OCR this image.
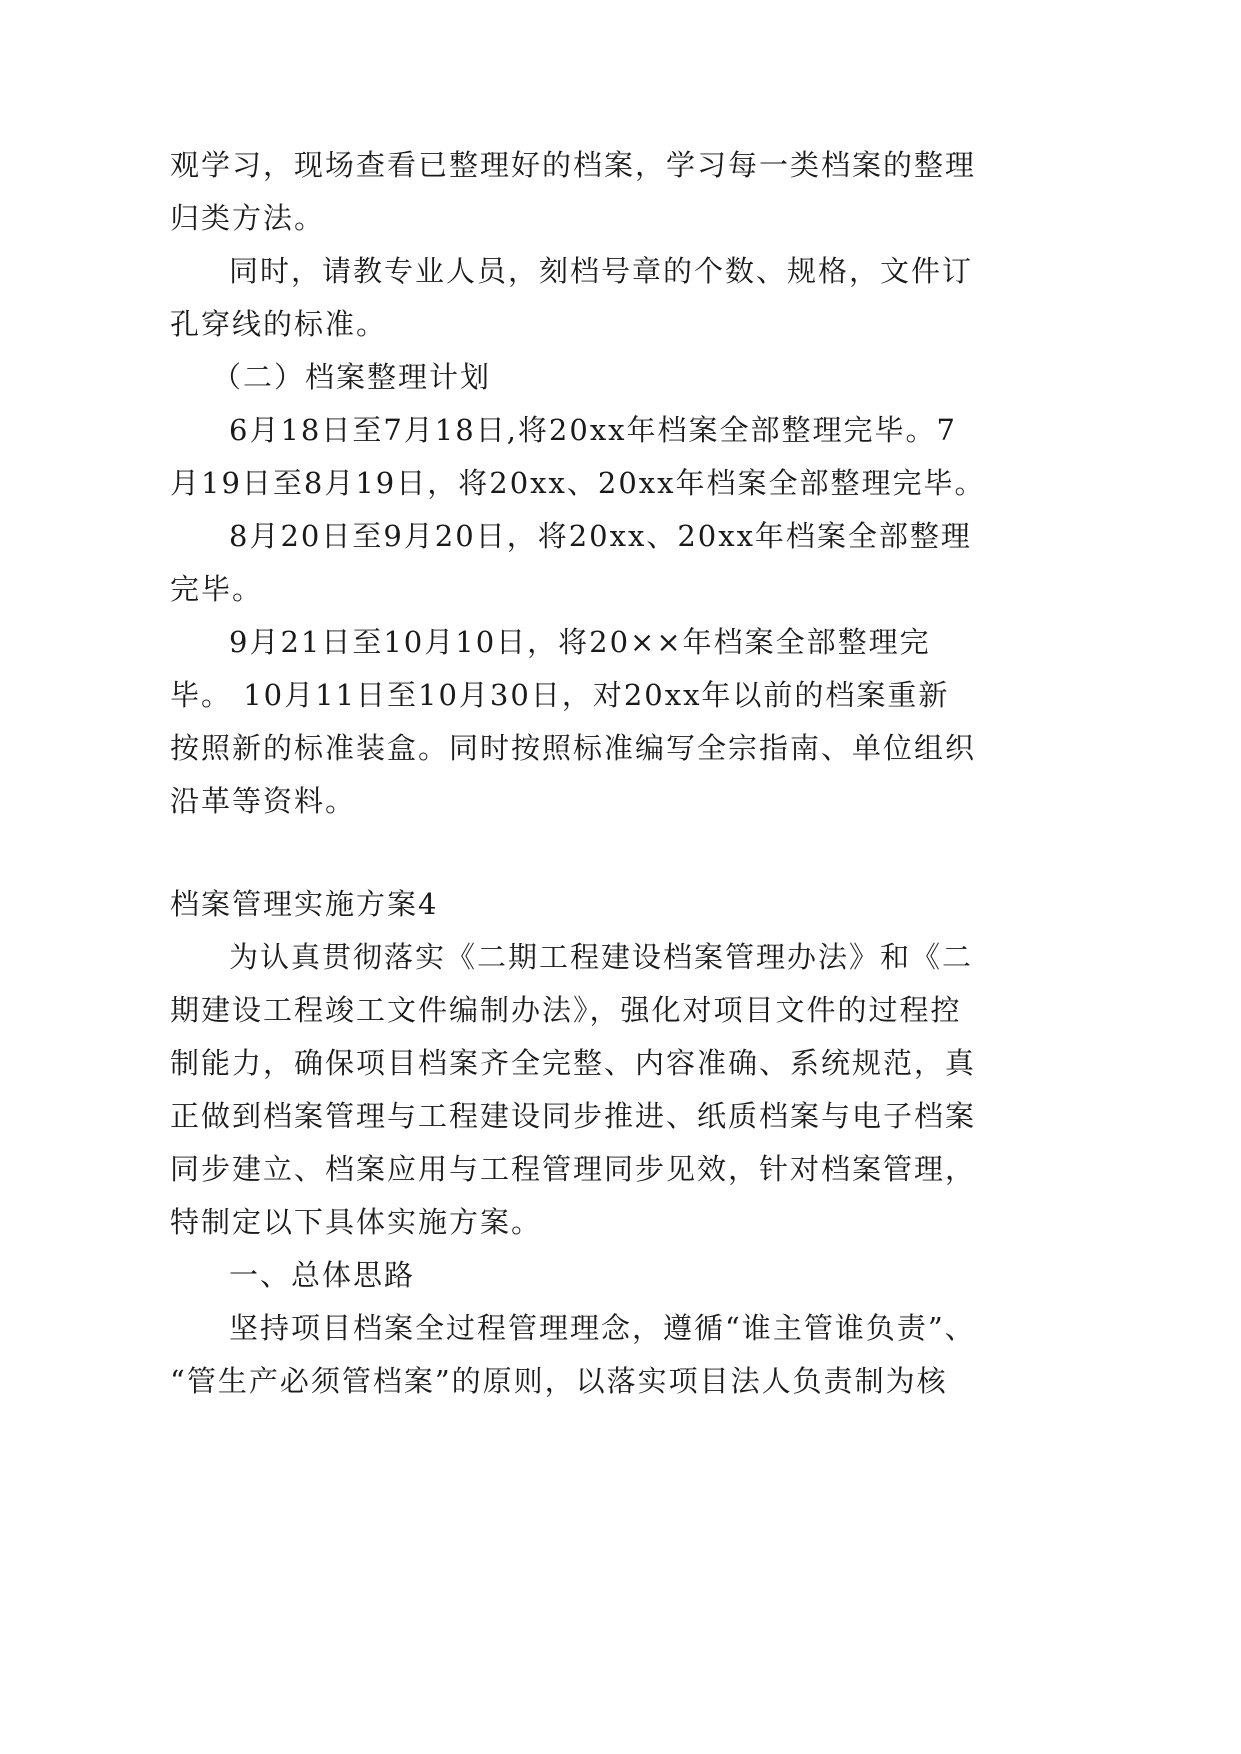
观学习，现场查看已整理好的档案，学习每一类档案的整理
归类方法。
同时，请教专业人员，刻档号章的个数、规格，文件订
孔穿线的标准。
（二）档案整理计划
6月18日至7月18日,将20xx年档案全部整理完毕。7
月19日至8月19日，将20xx、20xx年档案全部整理完毕。
8月20日至9月20日，将20xx、20xx年档案全部整理
完毕。
9月21日至10月10日，将20××年档案全部整理完
毕。 10月11日至10月30日，对20xx年以前的档案重新
按照新的标准装盒。同时按照标准编写全宗指南、单位组织
沿革等资料。
档案管理实施方案4
为认真贯彻落实《二期工程建设档案管理办法》和《二
期建设工程竣工文件编制办法》，强化对项目文件的过程控
制能力，确保项目档案齐全完整、内容准确、系统规范，真
正做到档案管理与工程建设同步推进、纸质档案与电子档案
同步建立、档案应用与工程管理同步见效，针对档案管理，
特制定以下具体实施方案。
一、总体思路
坚持项目档案全过程管理理念，遵循“谁主管谁负责”、
“管生产必须管档案”的原则，以落实项目法人负责制为核
